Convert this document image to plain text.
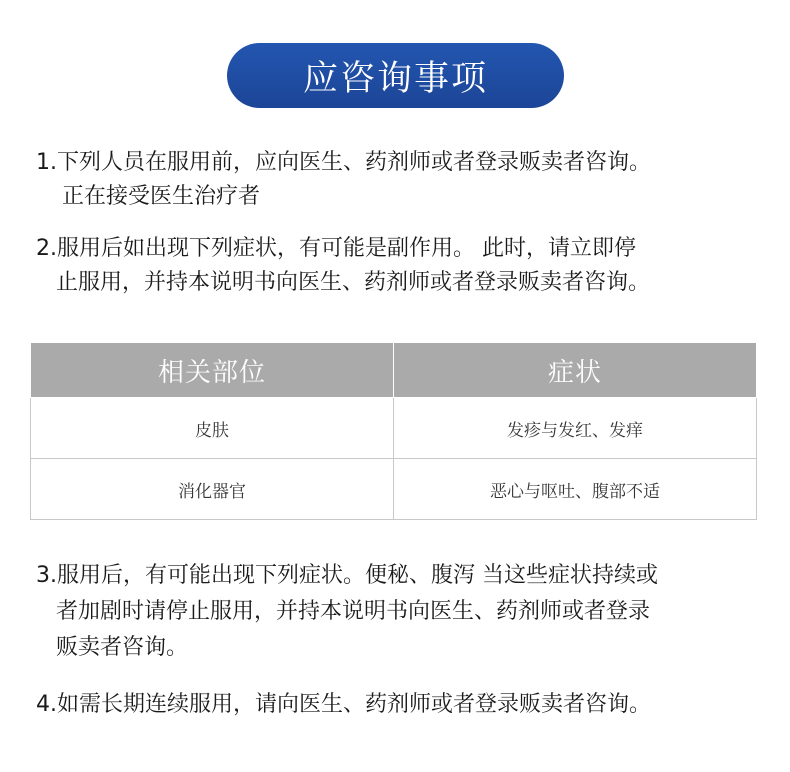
应咨询事项

1.下列人员在服用前，应向医生、药剂师或者登录贩卖者咨询。
正在接受医生治疗者

2.服用后如出现下列症状，有可能是副作用。 此时，请立即停
止服用，并持本说明书向医生、药剂师或者登录贩卖者咨询。

相关部位	症状
皮肤	发疹与发红、发痒
消化器官	恶心与呕吐、腹部不适

3.服用后，有可能出现下列症状。便秘、腹泻 当这些症状持续或
者加剧时请停止服用，并持本说明书向医生、药剂师或者登录
贩卖者咨询。

4.如需长期连续服用，请向医生、药剂师或者登录贩卖者咨询。
